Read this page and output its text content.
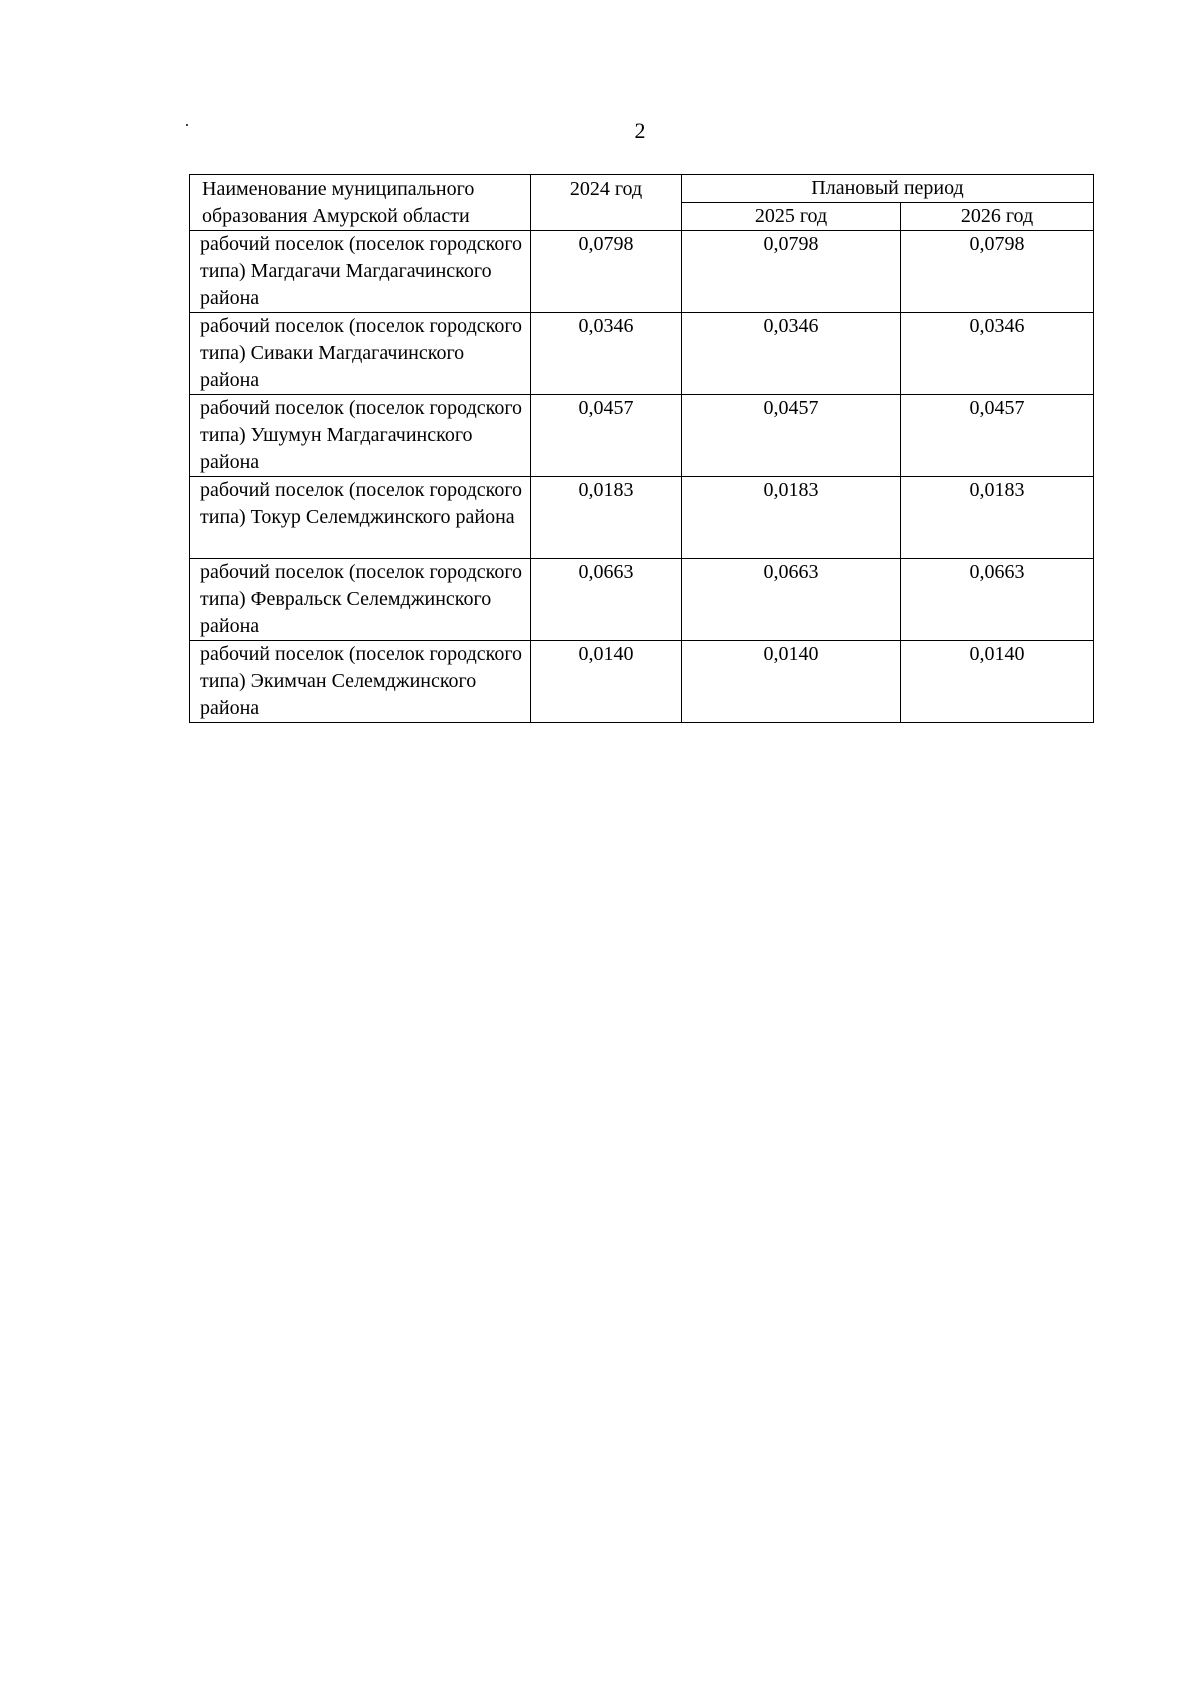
2
Наименование муниципального образования Амурской области	2024 год	Плановый период	
		2025 год	2026 год
рабочий поселок (поселок городского типа) Магдагачи Магдагачинского района	0,0798	0,0798	0,0798
рабочий поселок (поселок городского типа) Сиваки Магдагачинского района	0,0346	0,0346	0,0346
рабочий поселок (поселок городского типа) Ушумун Магдагачинского района	0,0457	0,0457	0,0457
рабочий поселок (поселок городского типа) Токур Селемджинского района	0,0183	0,0183	0,0183
рабочий поселок (поселок городского типа) Февральск Селемджинского района	0,0663	0,0663	0,0663
рабочий поселок (поселок городского типа) Экимчан Селемджинского района	0,0140	0,0140	0,0140
